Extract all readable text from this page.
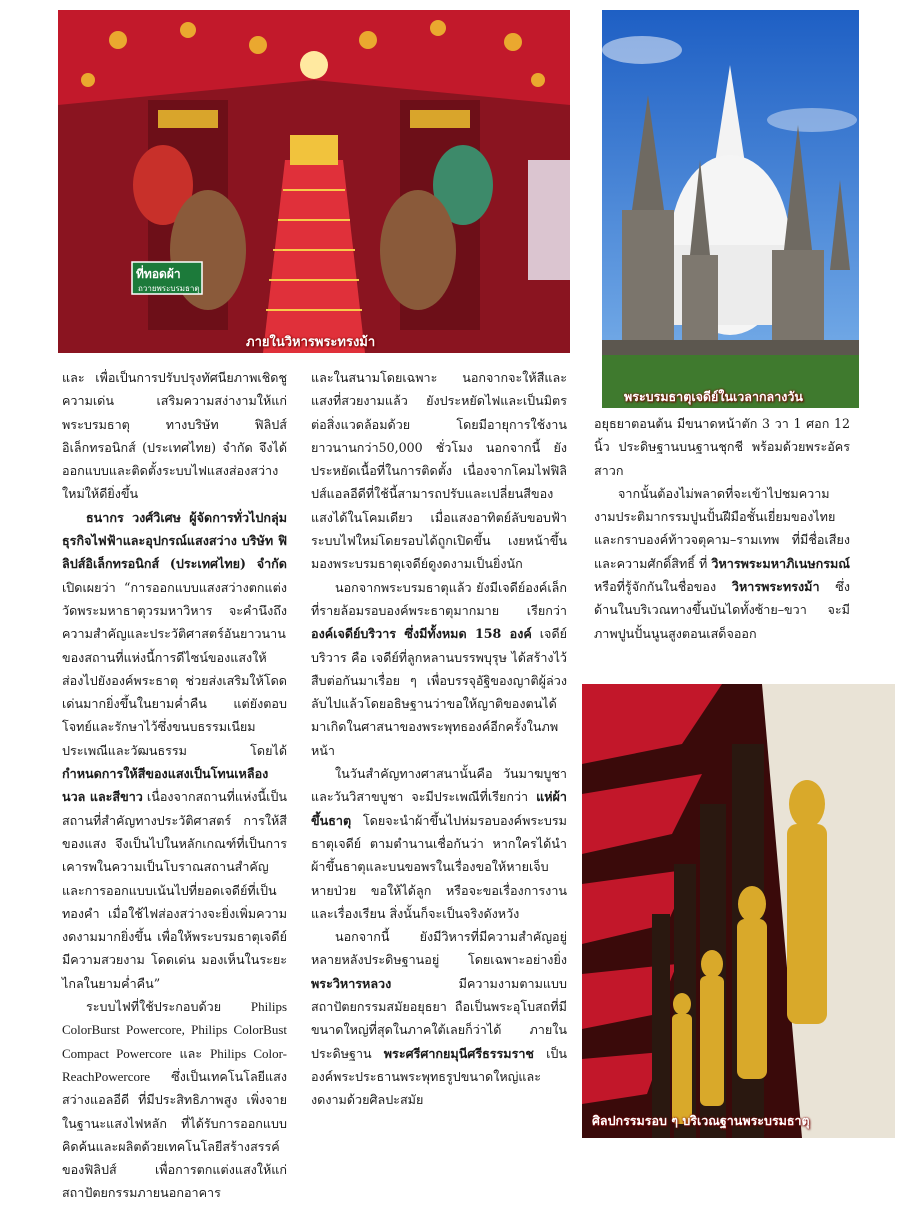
ที่ทอดผ้า
ถวายพระบรมธาตุ
ภายในวิหารพระทรงม้า
พระบรมธาตุเจดีย์ในเวลากลางวัน
ศิลปกรรมรอบ ๆ บริเวณฐานพระบรมธาตุ

และ เพื่อเป็นการปรับปรุงทัศนียภาพเชิดชูความเด่น เสริมความสง่างามให้แก่พระบรมธาตุ ทางบริษัท ฟิลิปส์อิเล็กทรอนิกส์ (ประเทศไทย) จำกัด จึงได้ออกแบบและติดตั้งระบบไฟแสงส่องสว่างใหม่ให้ดียิ่งขึ้น

ธนากร วงศ์วิเศษ ผู้จัดการทั่วไปกลุ่มธุรกิจไฟฟ้าและอุปกรณ์แสงสว่าง บริษัท ฟิลิปส์อิเล็กทรอนิกส์ (ประเทศไทย) จำกัด เปิดเผยว่า “การออกแบบแสงสว่างตกแต่งวัดพระมหาธาตุวรมหาวิหาร จะคำนึงถึงความสำคัญและประวัติศาสตร์อันยาวนานของสถานที่แห่งนี้การดีไซน์ของแสงให้ส่องไปยังองค์พระธาตุ ช่วยส่งเสริมให้โดดเด่นมากยิ่งขึ้นในยามค่ำคืน แต่ยังตอบโจทย์และรักษาไว้ซึ่งขนบธรรมเนียมประเพณีและวัฒนธรรม โดยได้ กำหนดการให้สีของแสงเป็นโทนเหลืองนวล และสีขาว เนื่องจากสถานที่แห่งนี้เป็นสถานที่สำคัญทางประวัติศาสตร์ การให้สีของแสง จึงเป็นไปในหลักเกณฑ์ที่เป็นการเคารพในความเป็นโบราณสถานสำคัญ และการออกแบบเน้นไปที่ยอดเจดีย์ที่เป็นทองคำ เมื่อใช้ไฟส่องสว่างจะยิ่งเพิ่มความงดงามมากยิ่งขึ้น เพื่อให้พระบรมธาตุเจดีย์มีความสวยงาม โดดเด่น มองเห็นในระยะไกลในยามค่ำคืน”

ระบบไฟที่ใช้ประกอบด้วย Philips ColorBurst Powercore, Philips ColorBust Compact Powercore และ Philips Color-ReachPowercore ซึ่งเป็นเทคโนโลยีแสงสว่างแอลอีดี ที่มีประสิทธิภาพสูง เพิ่งจายในฐานะแสงไฟหลัก ที่ได้รับการออกแบบคิดค้นและผลิตด้วยเทคโนโลยีสร้างสรรค์ของฟิลิปส์ เพื่อการตกแต่งแสงให้แก่สถาปัตยกรรมภายนอกอาคาร

และในสนามโดยเฉพาะ นอกจากจะให้สีและแสงที่สวยงามแล้ว ยังประหยัดไฟและเป็นมิตรต่อสิ่งแวดล้อมด้วย โดยมีอายุการใช้งานยาวนานกว่า50,000 ชั่วโมง นอกจากนี้ ยังประหยัดเนื้อที่ในการติดตั้ง เนื่องจากโคมไฟฟิลิปส์แอลอีดีที่ใช้นี้สามารถปรับและเปลี่ยนสีของแสงได้ในโคมเดียว เมื่อแสงอาทิตย์ลับขอบฟ้าระบบไฟใหม่โดยรอบได้ถูกเปิดขึ้น เงยหน้าขึ้นมองพระบรมธาตุเจดีย์ดูงดงามเป็นยิ่งนัก

นอกจากพระบรมธาตุแล้ว ยังมีเจดีย์องค์เล็กที่รายล้อมรอบองค์พระธาตุมากมาย เรียกว่า องค์เจดีย์บริวาร ซึ่งมีทั้งหมด 158 องค์ เจดีย์บริวาร คือ เจดีย์ที่ลูกหลานบรรพบุรุษ ได้สร้างไว้สืบต่อกันมาเรื่อย ๆ เพื่อบรรจุอัฐิของญาติผู้ล่วงลับไปแล้วโดยอธิษฐานว่าขอให้ญาติของตนได้มาเกิดในศาสนาของพระพุทธองค์อีกครั้งในภพหน้า

ในวันสำคัญทางศาสนานั้นคือ วันมาฆบูชาและวันวิสาขบูชา จะมีประเพณีที่เรียกว่า แห่ผ้าขึ้นธาตุ โดยจะนำผ้าขึ้นไปห่มรอบองค์พระบรมธาตุเจดีย์ ตามตำนานเชื่อกันว่า หากใครได้นำผ้าขึ้นธาตุและบนขอพรในเรื่องขอให้หายเจ็บหายป่วย ขอให้ได้ลูก หรือจะขอเรื่องการงานและเรื่องเรียน สิ่งนั้นก็จะเป็นจริงดังหวัง

นอกจากนี้ ยังมีวิหารที่มีความสำคัญอยู่หลายหลังประดิษฐานอยู่ โดยเฉพาะอย่างยิ่ง พระวิหารหลวง มีความงามตามแบบสถาปัตยกรรมสมัยอยุธยา ถือเป็นพระอุโบสถที่มีขนาดใหญ่ที่สุดในภาคใต้เลยก็ว่าได้ ภายในประดิษฐาน พระศรีศากยมุนีศรีธรรมราช เป็นองค์พระประธานพระพุทธรูปขนาดใหญ่และงดงามด้วยศิลปะสมัย

อยุธยาตอนต้น มีขนาดหน้าตัก 3 วา 1 ศอก 12 นิ้ว ประดิษฐานบนฐานชุกชี พร้อมด้วยพระอัครสาวก

จากนั้นต้องไม่พลาดที่จะเข้าไปชมความงามประติมากรรมปูนปั้นฝีมือชั้นเยี่ยมของไทยและกราบองค์ท้าวจตุคาม–รามเทพ ที่มีชื่อเสียงและความศักดิ์สิทธิ์ ที่ วิหารพระมหาภิเนษกรมณ์ หรือที่รู้จักกันในชื่อของ วิหารพระทรงม้า ซึ่งด้านในบริเวณทางขึ้นบันไดทั้งซ้าย–ขวา จะมีภาพปูนปั้นนูนสูงตอนเสด็จออก
